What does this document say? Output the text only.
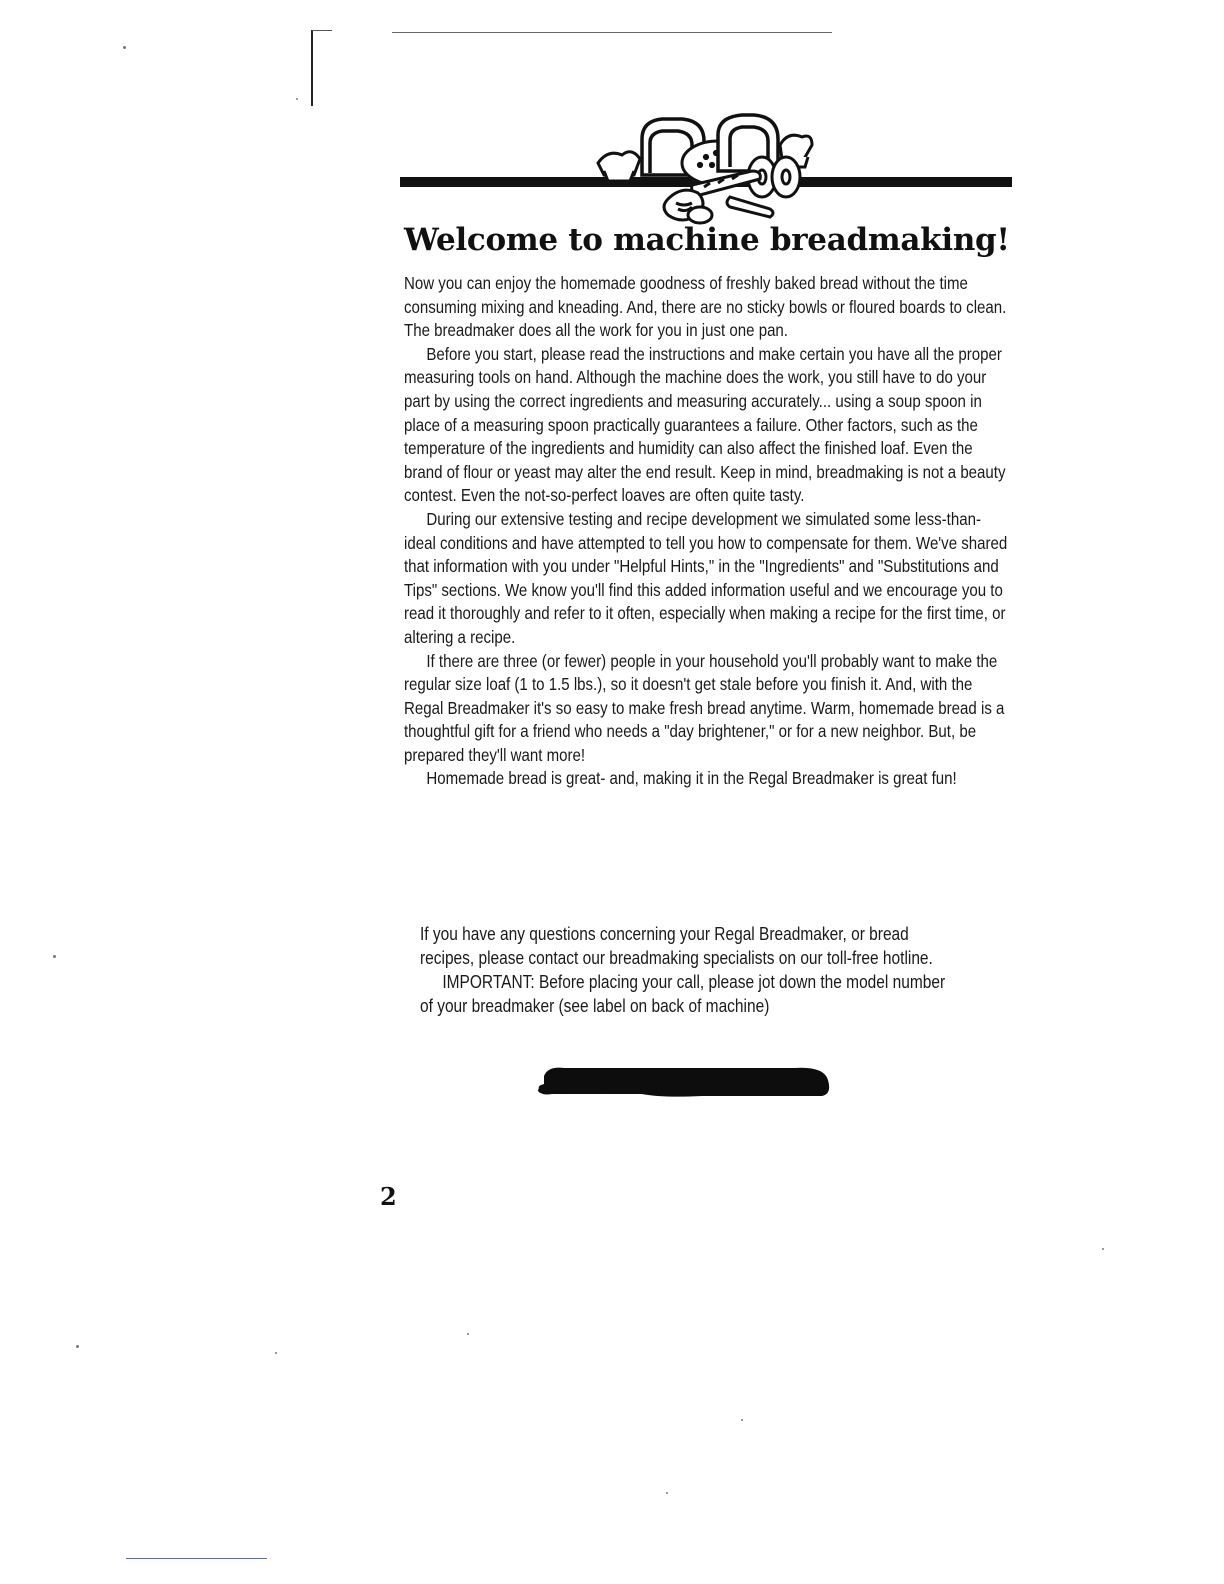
Welcome to machine breadmaking!

Now you can enjoy the homemade goodness of freshly baked bread without the time consuming mixing and kneading. And, there are no sticky bowls or floured boards to clean. The breadmaker does all the work for you in just one pan.

Before you start, please read the instructions and make certain you have all the proper measuring tools on hand. Although the machine does the work, you still have to do your part by using the correct ingredients and measuring accurately... using a soup spoon in place of a measuring spoon practically guarantees a failure. Other factors, such as the temperature of the ingredients and humidity can also affect the finished loaf. Even the brand of flour or yeast may alter the end result. Keep in mind, breadmaking is not a beauty contest. Even the not-so-perfect loaves are often quite tasty.

During our extensive testing and recipe development we simulated some less-than-ideal conditions and have attempted to tell you how to compensate for them. We've shared that information with you under "Helpful Hints," in the "Ingredients" and "Substitutions and Tips" sections. We know you'll find this added information useful and we encourage you to read it thoroughly and refer to it often, especially when making a recipe for the first time, or altering a recipe.

If there are three (or fewer) people in your household you'll probably want to make the regular size loaf (1 to 1.5 lbs.), so it doesn't get stale before you finish it. And, with the Regal Breadmaker it's so easy to make fresh bread anytime. Warm, homemade bread is a thoughtful gift for a friend who needs a "day brightener," or for a new neighbor. But, be prepared they'll want more!

Homemade bread is great- and, making it in the Regal Breadmaker is great fun!

If you have any questions concerning your Regal Breadmaker, or bread recipes, please contact our breadmaking specialists on our toll-free hotline.

IMPORTANT: Before placing your call, please jot down the model number of your breadmaker (see label on back of machine)

2
